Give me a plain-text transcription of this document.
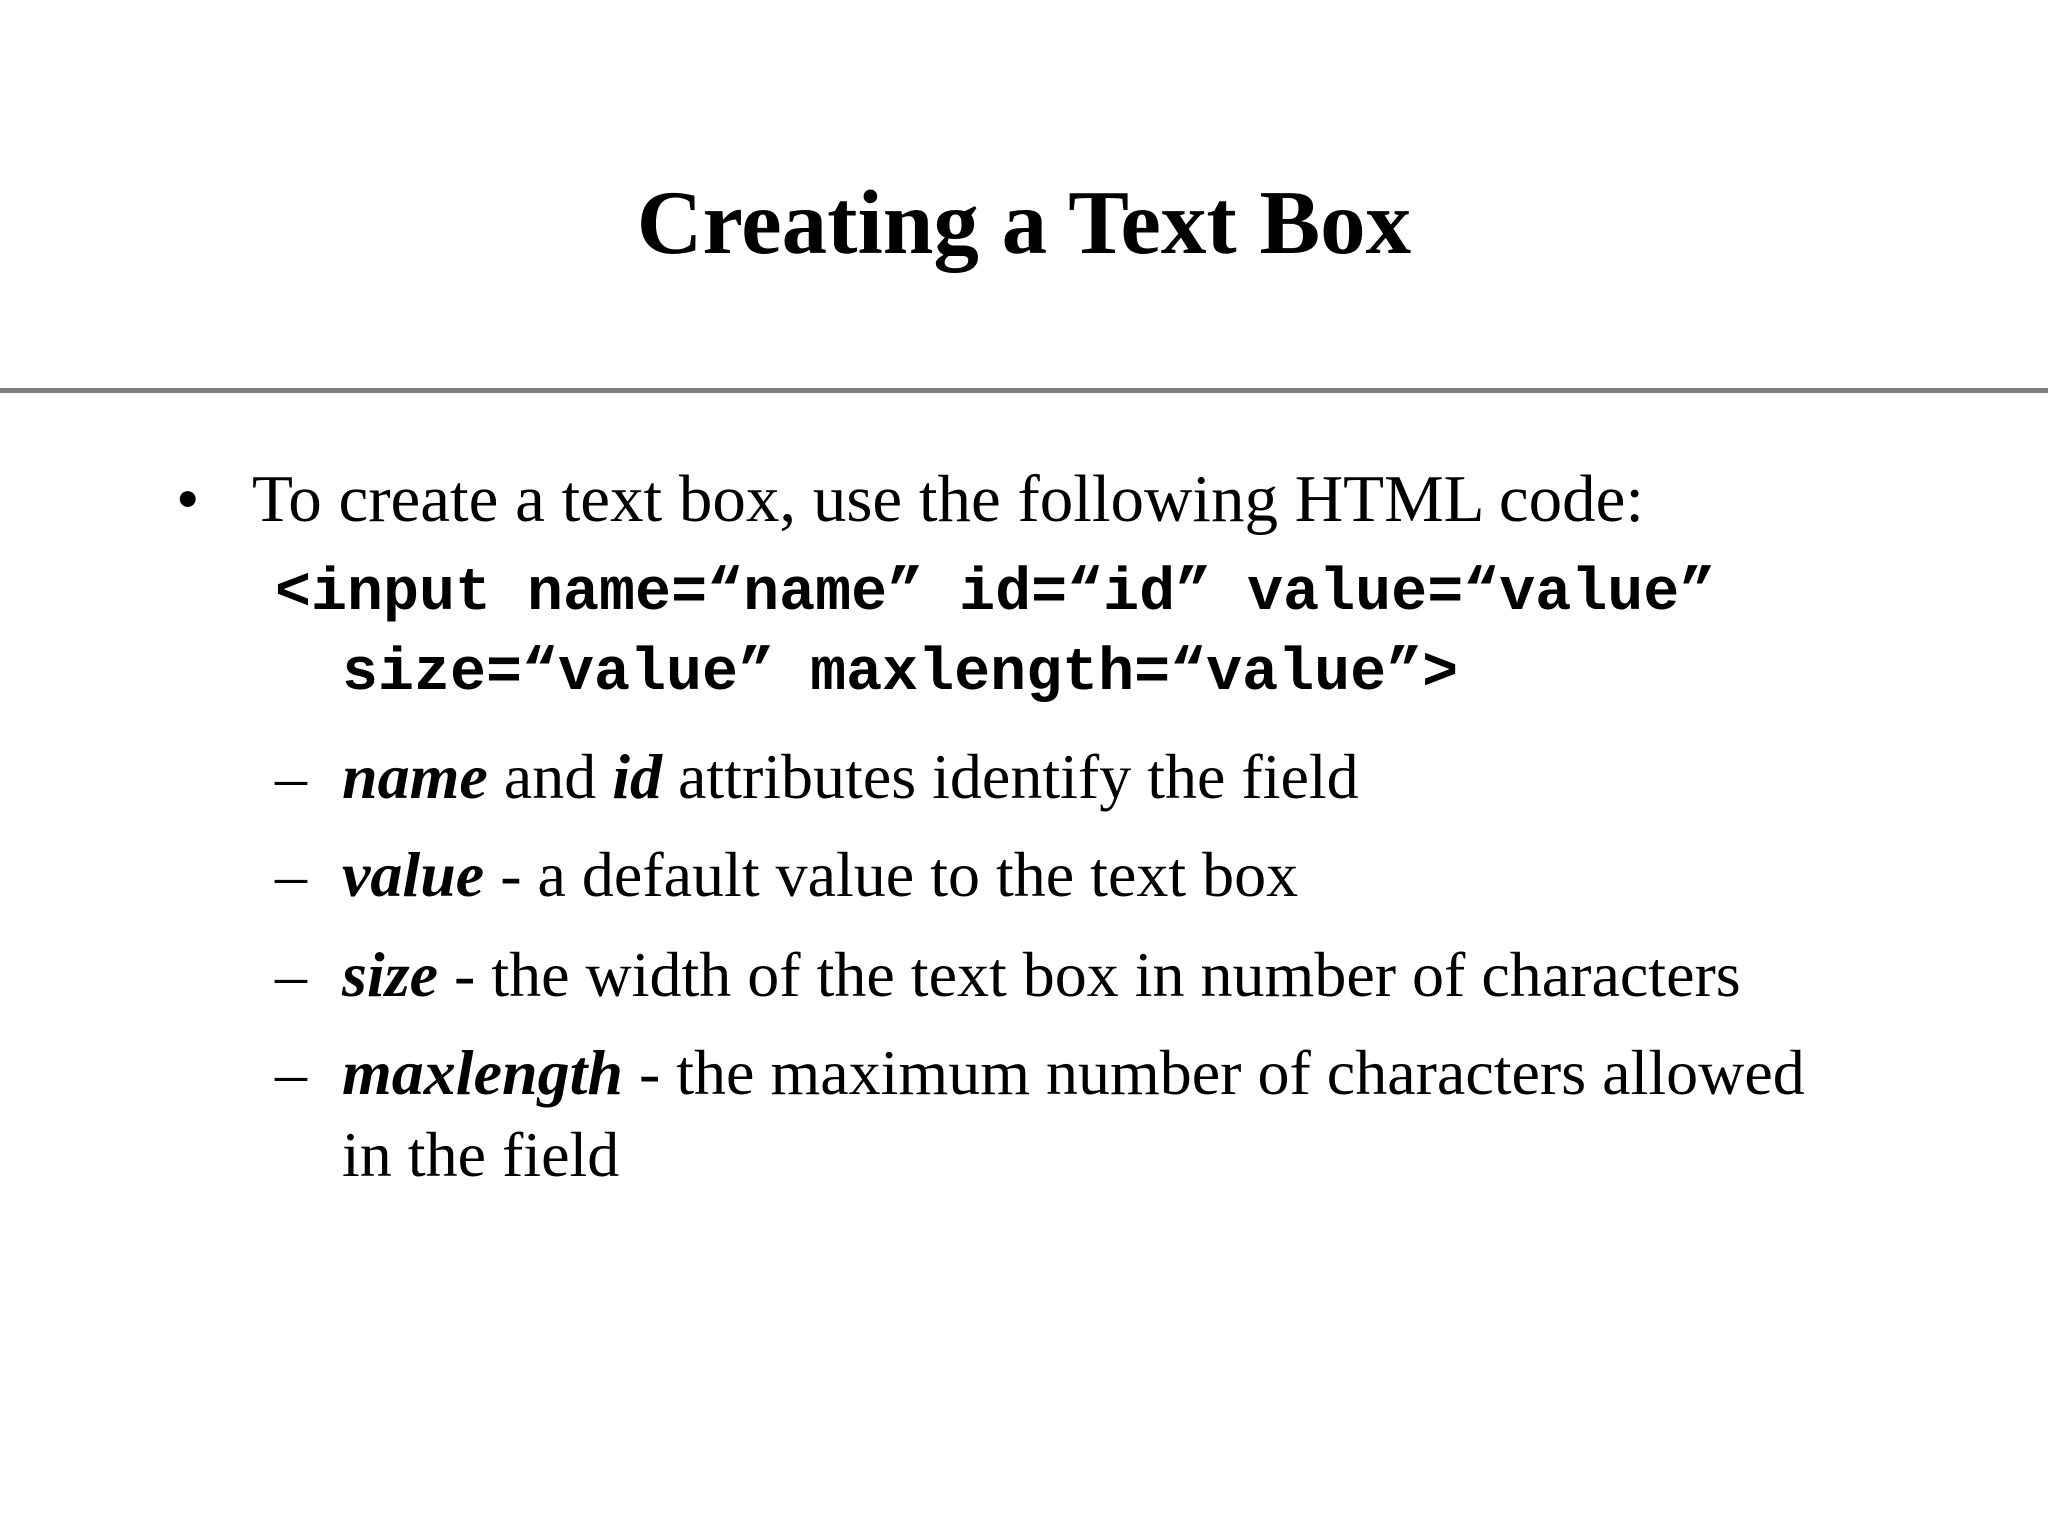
Creating a Text Box
• To create a text box, use the following HTML code:
<input name=“name” id=“id” value=“value”
size=“value” maxlength=“value”>
– name and id attributes identify the field
– value - a default value to the text box
– size - the width of the text box in number of characters
– maxlength - the maximum number of characters allowed
in the field
